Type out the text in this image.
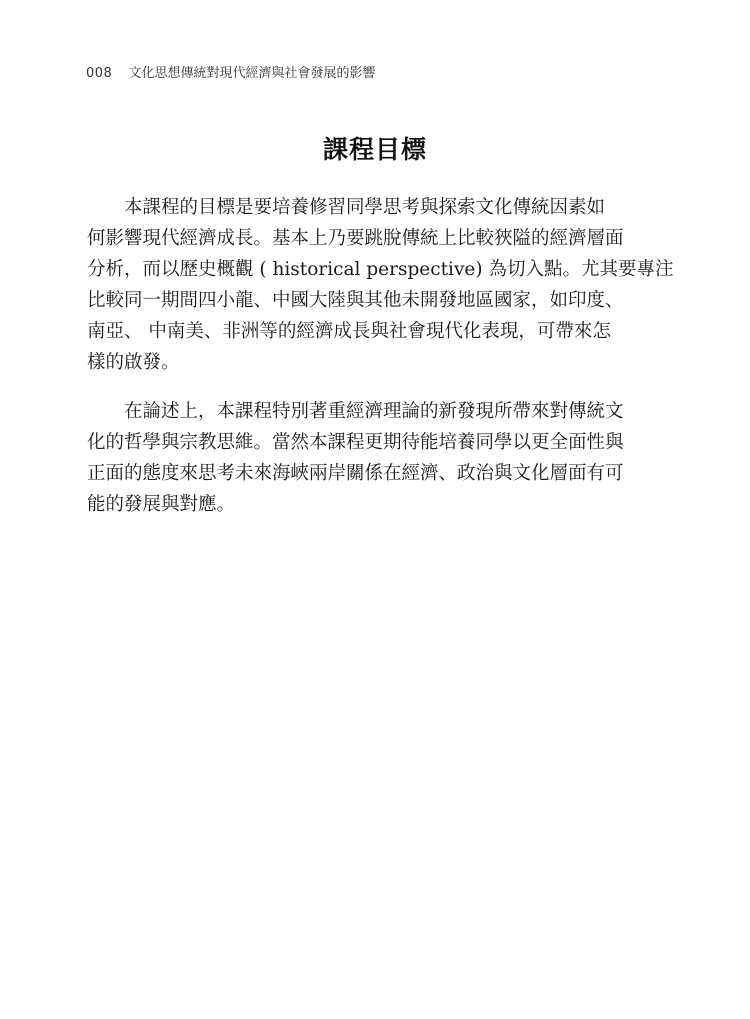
008 文化思想傳統對現代經濟與社會發展的影響
課程目標

本課程的目標是要培養修習同學思考與探索文化傳統因素如
何影響現代經濟成長。基本上乃要跳脫傳統上比較狹隘的經濟層面
分析，而以歷史概觀 ( historical perspective) 為切入點。尤其要專注
比較同一期間四小龍、中國大陸與其他未開發地區國家，如印度、
南亞、 中南美、非洲等的經濟成長與社會現代化表現，可帶來怎
樣的啟發。

在論述上，本課程特別著重經濟理論的新發現所帶來對傳統文
化的哲學與宗教思維。當然本課程更期待能培養同學以更全面性與
正面的態度來思考未來海峽兩岸關係在經濟、政治與文化層面有可
能的發展與對應。
